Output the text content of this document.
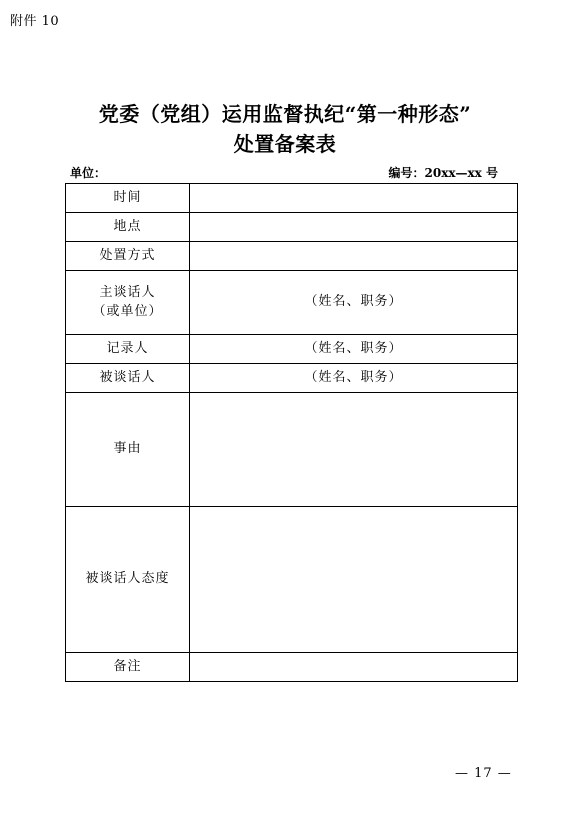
附件 10
党委（党组）运用监督执纪“第一种形态”
处置备案表
单位：	编号：20xx—xx 号
时间	
地点	
处置方式	

主谈话人
（或单位）	（姓名、职务）
记录人	（姓名、职务）
被谈话人	（姓名、职务）
事由	
被谈话人态度	
备注	
— 17 —
